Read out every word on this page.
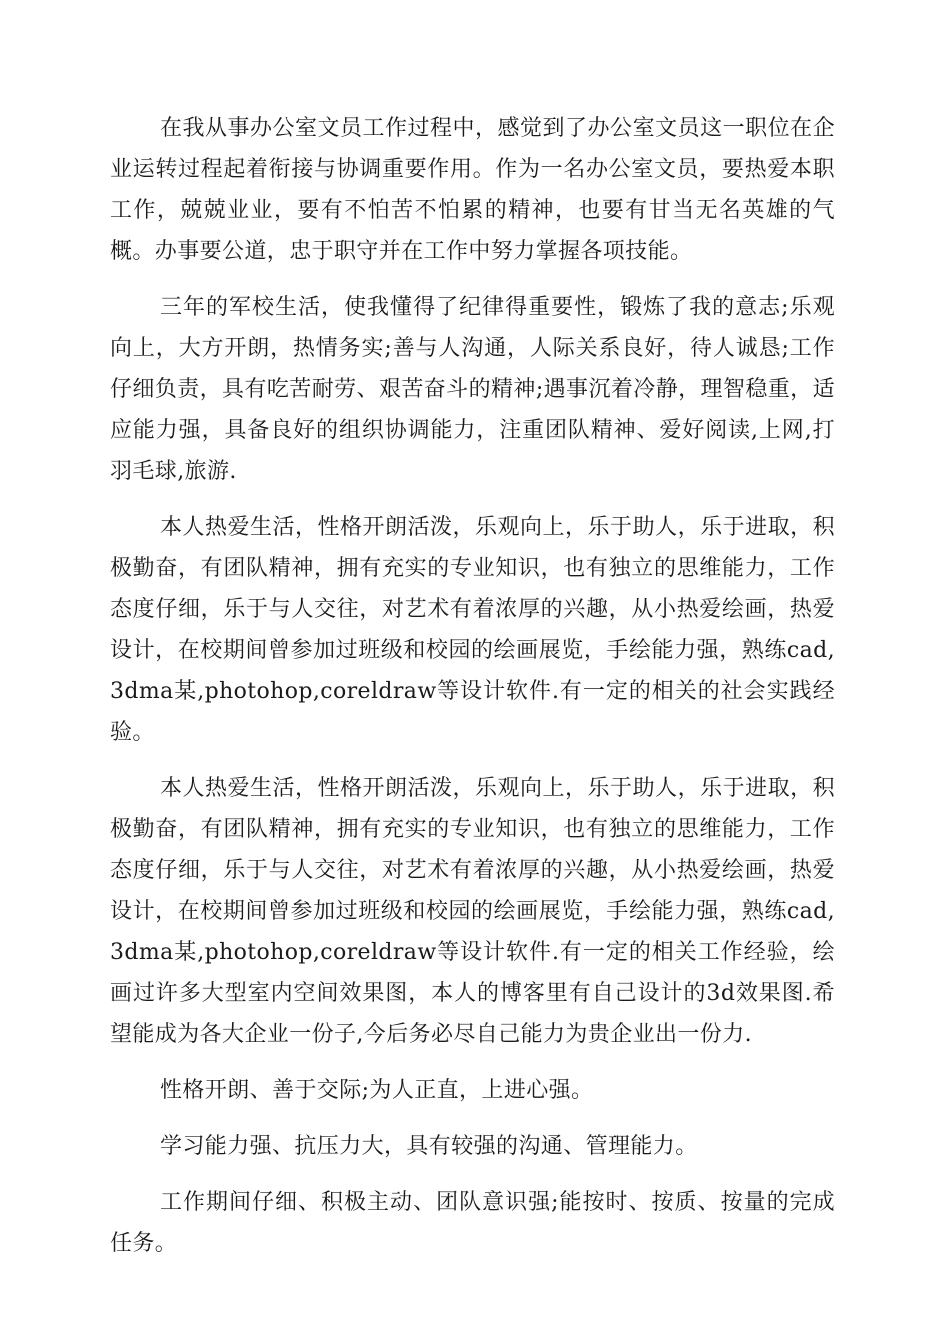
在我从事办公室文员工作过程中，感觉到了办公室文员这一职位在企业运转过程起着衔接与协调重要作用。作为一名办公室文员，要热爱本职工作，兢兢业业，要有不怕苦不怕累的精神，也要有甘当无名英雄的气概。办事要公道，忠于职守并在工作中努力掌握各项技能。

三年的军校生活，使我懂得了纪律得重要性，锻炼了我的意志;乐观向上，大方开朗，热情务实;善与人沟通，人际关系良好，待人诚恳;工作仔细负责，具有吃苦耐劳、艰苦奋斗的精神;遇事沉着冷静，理智稳重，适应能力强，具备良好的组织协调能力，注重团队精神、爱好阅读,上网,打羽毛球,旅游.

本人热爱生活，性格开朗活泼，乐观向上，乐于助人，乐于进取，积极勤奋，有团队精神，拥有充实的专业知识，也有独立的思维能力，工作态度仔细，乐于与人交往，对艺术有着浓厚的兴趣，从小热爱绘画，热爱设计，在校期间曾参加过班级和校园的绘画展览，手绘能力强，熟练cad,3dma某,photohop,coreldraw等设计软件.有一定的相关的社会实践经验。

本人热爱生活，性格开朗活泼，乐观向上，乐于助人，乐于进取，积极勤奋，有团队精神，拥有充实的专业知识，也有独立的思维能力，工作态度仔细，乐于与人交往，对艺术有着浓厚的兴趣，从小热爱绘画，热爱设计，在校期间曾参加过班级和校园的绘画展览，手绘能力强，熟练cad,3dma某,photohop,coreldraw等设计软件.有一定的相关工作经验，绘画过许多大型室内空间效果图，本人的博客里有自己设计的3d效果图.希望能成为各大企业一份子,今后务必尽自己能力为贵企业出一份力.

性格开朗、善于交际;为人正直，上进心强。

学习能力强、抗压力大，具有较强的沟通、管理能力。

工作期间仔细、积极主动、团队意识强;能按时、按质、按量的完成任务。
